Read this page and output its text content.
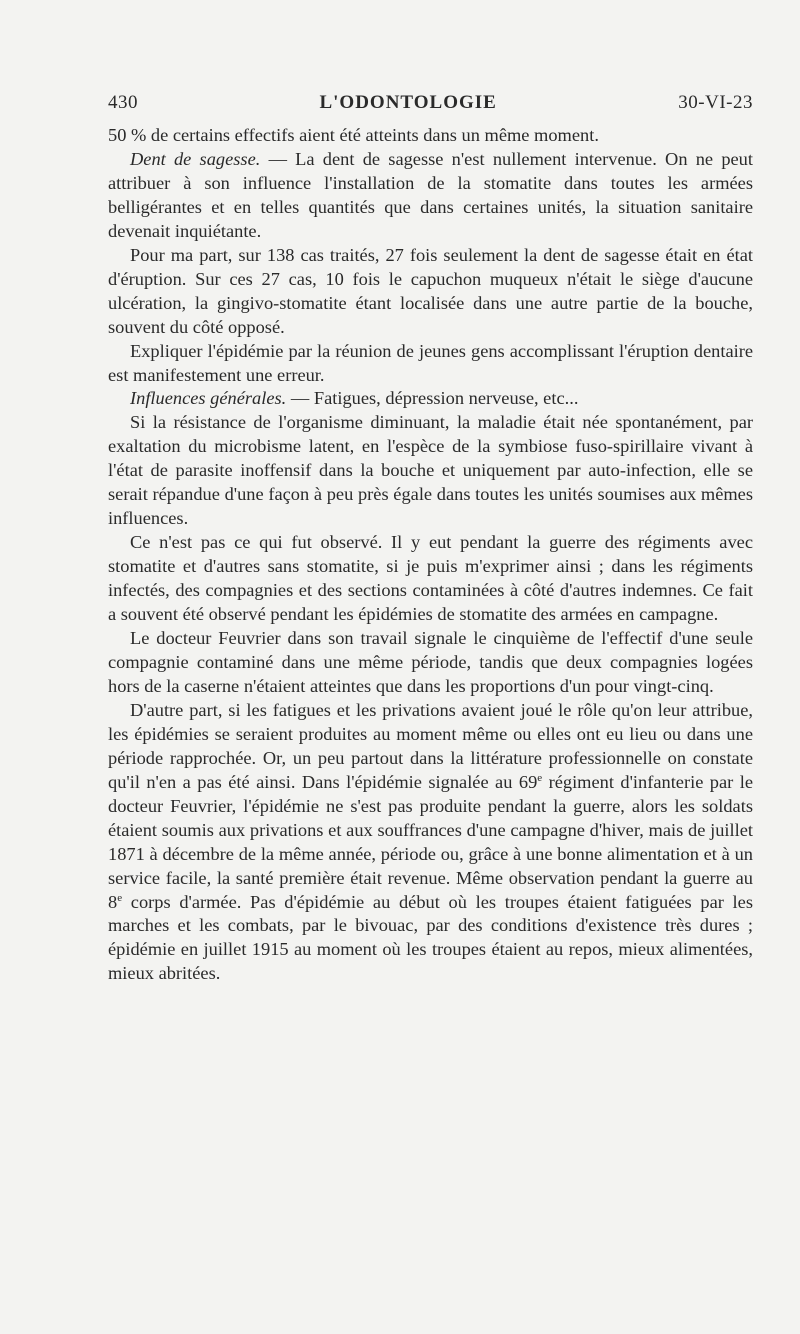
430	L'ODONTOLOGIE	30-VI-23

50 % de certains effectifs aient été atteints dans un même moment.

Dent de sagesse. — La dent de sagesse n'est nullement intervenue. On ne peut attribuer à son influence l'installation de la stomatite dans toutes les armées belligérantes et en telles quantités que dans certaines unités, la situation sanitaire devenait inquiétante.

Pour ma part, sur 138 cas traités, 27 fois seulement la dent de sagesse était en état d'éruption. Sur ces 27 cas, 10 fois le capuchon muqueux n'était le siège d'aucune ulcération, la gingivo-stomatite étant localisée dans une autre partie de la bouche, souvent du côté opposé.

Expliquer l'épidémie par la réunion de jeunes gens accomplissant l'éruption dentaire est manifestement une erreur.

Influences générales. — Fatigues, dépression nerveuse, etc...

Si la résistance de l'organisme diminuant, la maladie était née spontanément, par exaltation du microbisme latent, en l'espèce de la symbiose fuso-spirillaire vivant à l'état de parasite inoffensif dans la bouche et uniquement par auto-infection, elle se serait répandue d'une façon à peu près égale dans toutes les unités soumises aux mêmes influences.

Ce n'est pas ce qui fut observé. Il y eut pendant la guerre des régiments avec stomatite et d'autres sans stomatite, si je puis m'exprimer ainsi ; dans les régiments infectés, des compagnies et des sections contaminées à côté d'autres indemnes. Ce fait a souvent été observé pendant les épidémies de stomatite des armées en campagne.

Le docteur Feuvrier dans son travail signale le cinquième de l'effectif d'une seule compagnie contaminé dans une même période, tandis que deux compagnies logées hors de la caserne n'étaient atteintes que dans les proportions d'un pour vingt-cinq.

D'autre part, si les fatigues et les privations avaient joué le rôle qu'on leur attribue, les épidémies se seraient produites au moment même ou elles ont eu lieu ou dans une période rapprochée. Or, un peu partout dans la littérature professionnelle on constate qu'il n'en a pas été ainsi. Dans l'épidémie signalée au 69e régiment d'infanterie par le docteur Feuvrier, l'épidémie ne s'est pas produite pendant la guerre, alors les soldats étaient soumis aux privations et aux souffrances d'une campagne d'hiver, mais de juillet 1871 à décembre de la même année, période ou, grâce à une bonne alimentation et à un service facile, la santé première était revenue. Même observation pendant la guerre au 8e corps d'armée. Pas d'épidémie au début où les troupes étaient fatiguées par les marches et les combats, par le bivouac, par des conditions d'existence très dures ; épidémie en juillet 1915 au moment où les troupes étaient au repos, mieux alimentées, mieux abritées.
